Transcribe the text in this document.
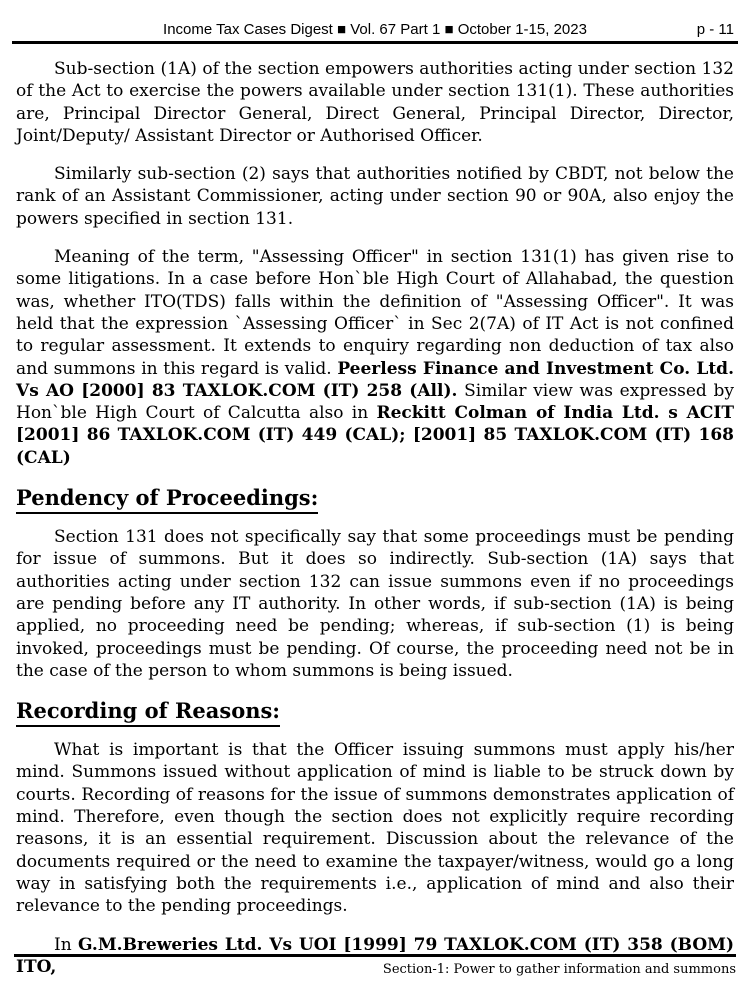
Income Tax Cases Digest ■ Vol. 67 Part 1 ■ October 1-15, 2023	p - 11

Sub-section (1A) of the section empowers authorities acting under section 132 of the Act to exercise the powers available under section 131(1). These authorities are, Principal Director General, Direct General, Principal Director, Director, Joint/Deputy/ Assistant Director or Authorised Officer.

Similarly sub-section (2) says that authorities notified by CBDT, not below the rank of an Assistant Commissioner, acting under section 90 or 90A, also enjoy the powers specified in section 131.

Meaning of the term, "Assessing Officer" in section 131(1) has given rise to some litigations. In a case before Hon`ble High Court of Allahabad, the question was, whether ITO(TDS) falls within the definition of "Assessing Officer". It was held that the expression `Assessing Officer` in Sec 2(7A) of IT Act is not confined to regular assessment. It extends to enquiry regarding non deduction of tax also and summons in this regard is valid. Peerless Finance and Investment Co. Ltd. Vs AO [2000] 83 TAXLOK.COM (IT) 258 (All). Similar view was expressed by Hon`ble High Court of Calcutta also in Reckitt Colman of India Ltd. s ACIT [2001] 86 TAXLOK.COM (IT) 449 (CAL); [2001] 85 TAXLOK.COM (IT) 168 (CAL)

Pendency of Proceedings:

Section 131 does not specifically say that some proceedings must be pending for issue of summons. But it does so indirectly. Sub-section (1A) says that authorities acting under section 132 can issue summons even if no proceedings are pending before any IT authority. In other words, if sub-section (1A) is being applied, no proceeding need be pending; whereas, if sub-section (1) is being invoked, proceedings must be pending. Of course, the proceeding need not be in the case of the person to whom summons is being issued.

Recording of Reasons:

What is important is that the Officer issuing summons must apply his/her mind. Summons issued without application of mind is liable to be struck down by courts. Recording of reasons for the issue of summons demonstrates application of mind. Therefore, even though the section does not explicitly require recording reasons, it is an essential requirement. Discussion about the relevance of the documents required or the need to examine the taxpayer/witness, would go a long way in satisfying both the requirements i.e., application of mind and also their relevance to the pending proceedings.

In G.M.Breweries Ltd. Vs UOI [1999] 79 TAXLOK.COM (IT) 358 (BOM) ITO,	Section-1: Power to gather information and summons
